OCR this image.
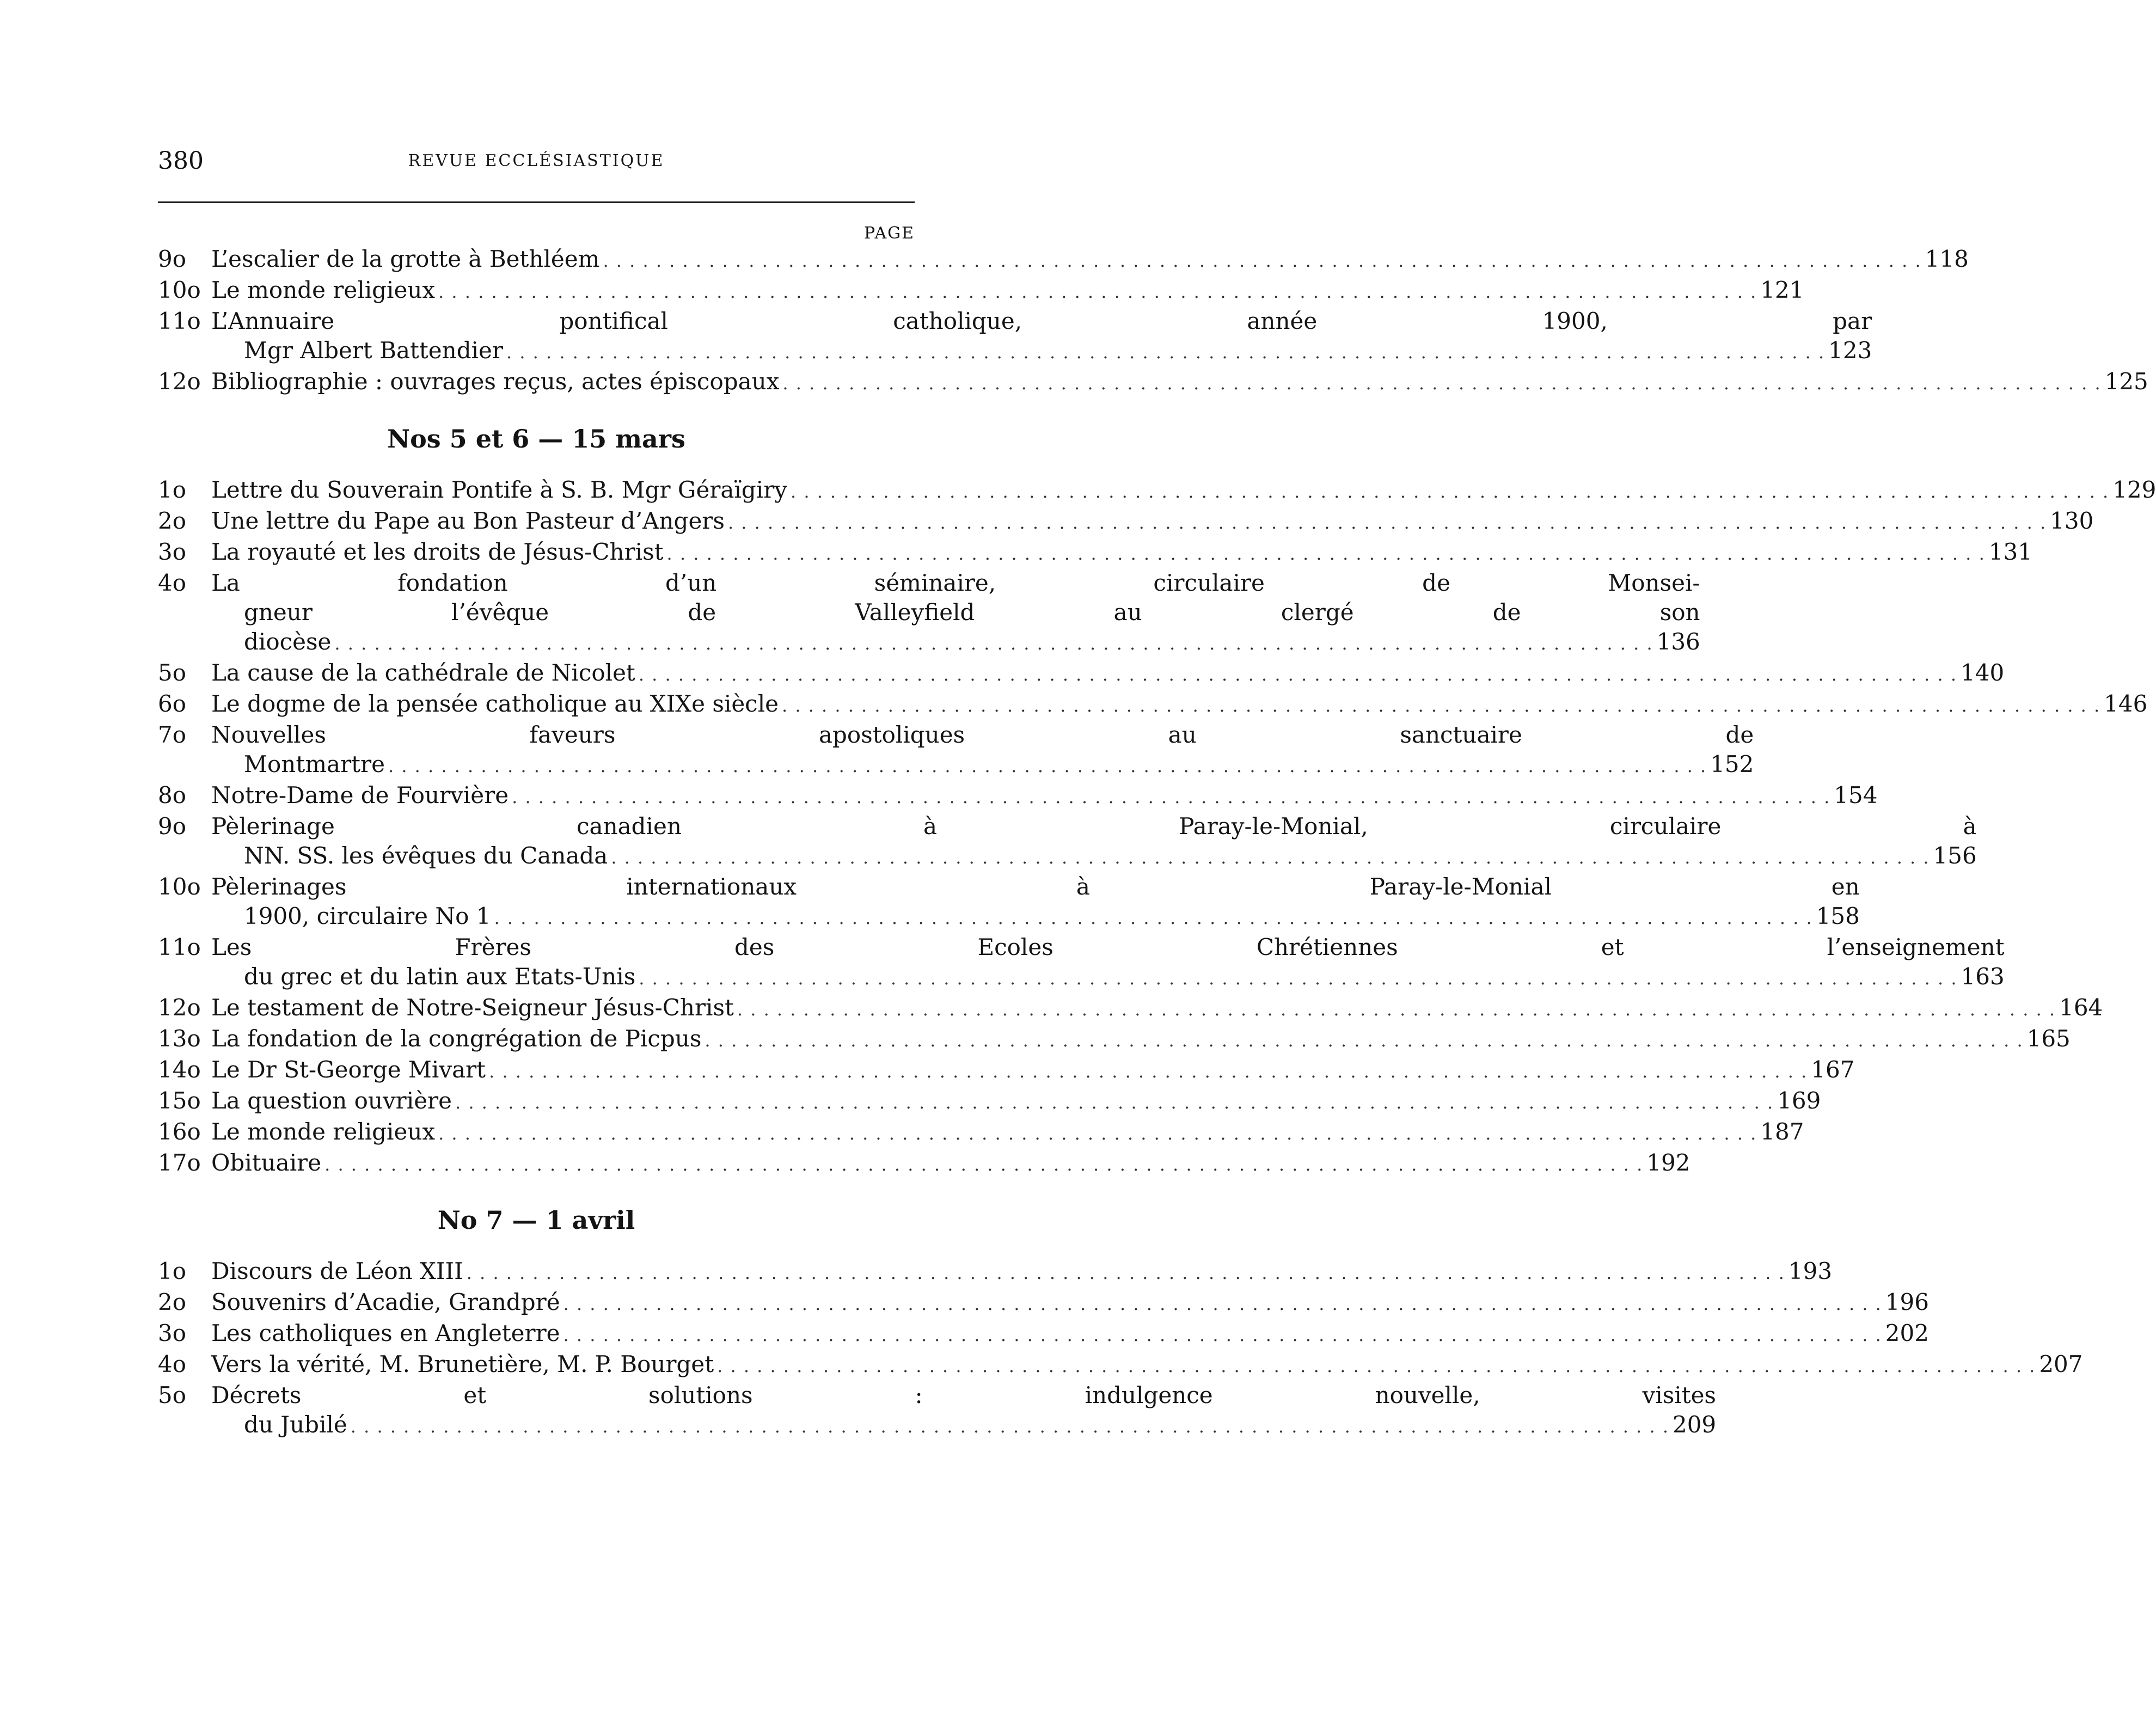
380	REVUE ECCLÉSIASTIQUE
PAGE
9o	L’escalier de la grotte à Bethléem . . .	118
10o Le monde religieux . . .	121
11o L’Annuaire pontifical catholique, année 1900, par
Mgr Albert Battendier . . .	123
12o Bibliographie : ouvrages reçus, actes épiscopaux . . .	125
Nos 5 et 6 — 15 mars
1o	Lettre du Souverain Pontife à S. B. Mgr Géraïgiry . . .	129
2o	Une lettre du Pape au Bon Pasteur d’Angers . . .	130
3o	La royauté et les droits de Jésus-Christ . . .	131
4o	La fondation d’un séminaire, circulaire de Monsei-
gneur l’évêque de Valleyfield au clergé de son
diocèse . . .	136
5o	La cause de la cathédrale de Nicolet . . .	140
6o	Le dogme de la pensée catholique au XIXe siècle . . .	146
7o	Nouvelles faveurs apostoliques au sanctuaire de
Montmartre . . .	152
8o	Notre-Dame de Fourvière . . .	154
9o	Pèlerinage canadien à Paray-le-Monial, circulaire à
NN. SS. les évêques du Canada . . .	156
10o Pèlerinages internationaux à Paray-le-Monial en
1900, circulaire No 1 . . .	158
11o Les Frères des Ecoles Chrétiennes et l’enseignement
du grec et du latin aux Etats-Unis . . .	163
12o Le testament de Notre-Seigneur Jésus-Christ . . .	164
13o La fondation de la congrégation de Picpus . . .	165
14o Le Dr St-George Mivart . . .	167
15o La question ouvrière . . .	169
16o Le monde religieux . . .	187
17o Obituaire . . .	192
No 7 — 1 avril
1o	Discours de Léon XIII . . .	193
2o	Souvenirs d’Acadie, Grandpré . . .	196
3o	Les catholiques en Angleterre . . .	202
4o	Vers la vérité, M. Brunetière, M. P. Bourget . . .	207
5o	Décrets et solutions : indulgence nouvelle, visites
du Jubilé . . .	209
